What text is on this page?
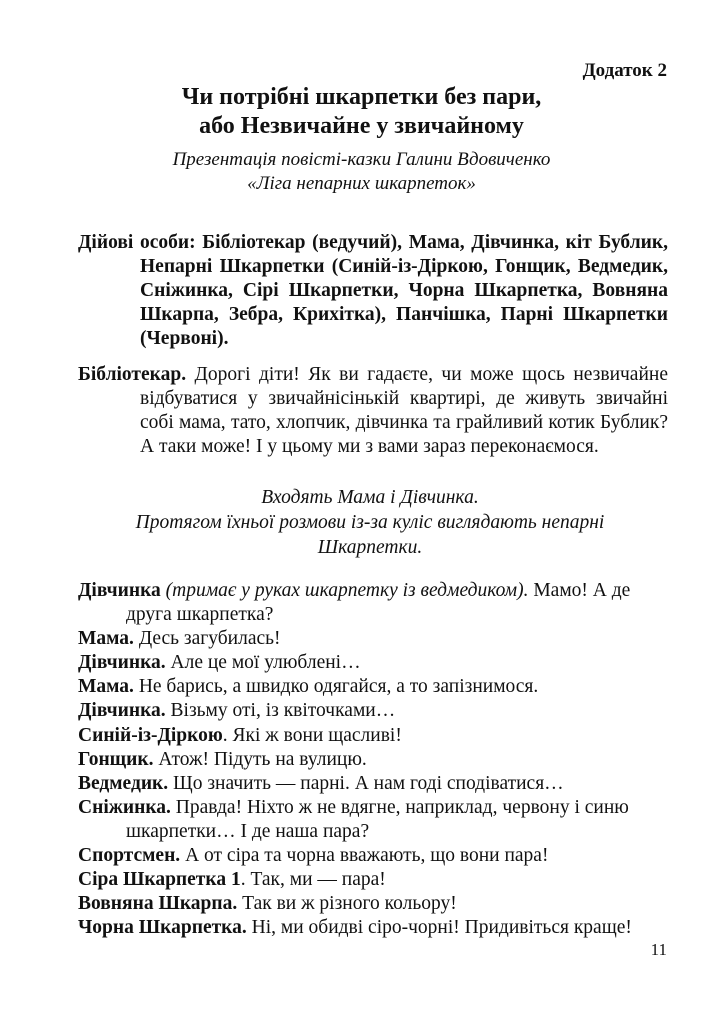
Додаток 2
Чи потрібні шкарпетки без пари,
або Незвичайне у звичайному
Презентація повісті-казки Галини Вдовиченко
«Ліга непарних шкарпеток»

Дійові особи: Бібліотекар (ведучий), Мама, Дівчинка, кіт Бублик, Непарні Шкарпетки (Синій-із-Діркою, Гонщик, Ведмедик, Сніжинка, Сірі Шкарпетки, Чорна Шкарпетка, Вовняна Шкарпа, Зебра, Крихітка), Панчішка, Парні Шкарпетки (Червоні).

Бібліотекар. Дорогі діти! Як ви гадаєте, чи може щось незвичайне відбуватися у звичайнісінькій квартирі, де живуть звичайні собі мама, тато, хлопчик, дівчинка та грайливий котик Бублик? А таки може! І у цьому ми з вами зараз переконаємося.

Входять Мама і Дівчинка.
Протягом їхньої розмови із-за куліс виглядають непарні Шкарпетки.

Дівчинка (тримає у руках шкарпетку із ведмедиком). Мамо! А де друга шкарпетка?

Мама. Десь загубилась!

Дівчинка. Але це мої улюблені…

Мама. Не барись, а швидко одягайся, а то запізнимося.

Дівчинка. Візьму оті, із квіточками…

Синій-із-Діркою. Які ж вони щасливі!

Гонщик. Атож! Підуть на вулицю.

Ведмедик. Що значить — парні. А нам годі сподіватися…

Сніжинка. Правда! Ніхто ж не вдягне, наприклад, червону і синю шкарпетки… І де наша пара?

Спортсмен. А от сіра та чорна вважають, що вони пара!

Сіра Шкарпетка 1. Так, ми — пара!

Вовняна Шкарпа. Так ви ж різного кольору!

Чорна Шкарпетка. Ні, ми обидві сіро-чорні! Придивіться краще!

11
